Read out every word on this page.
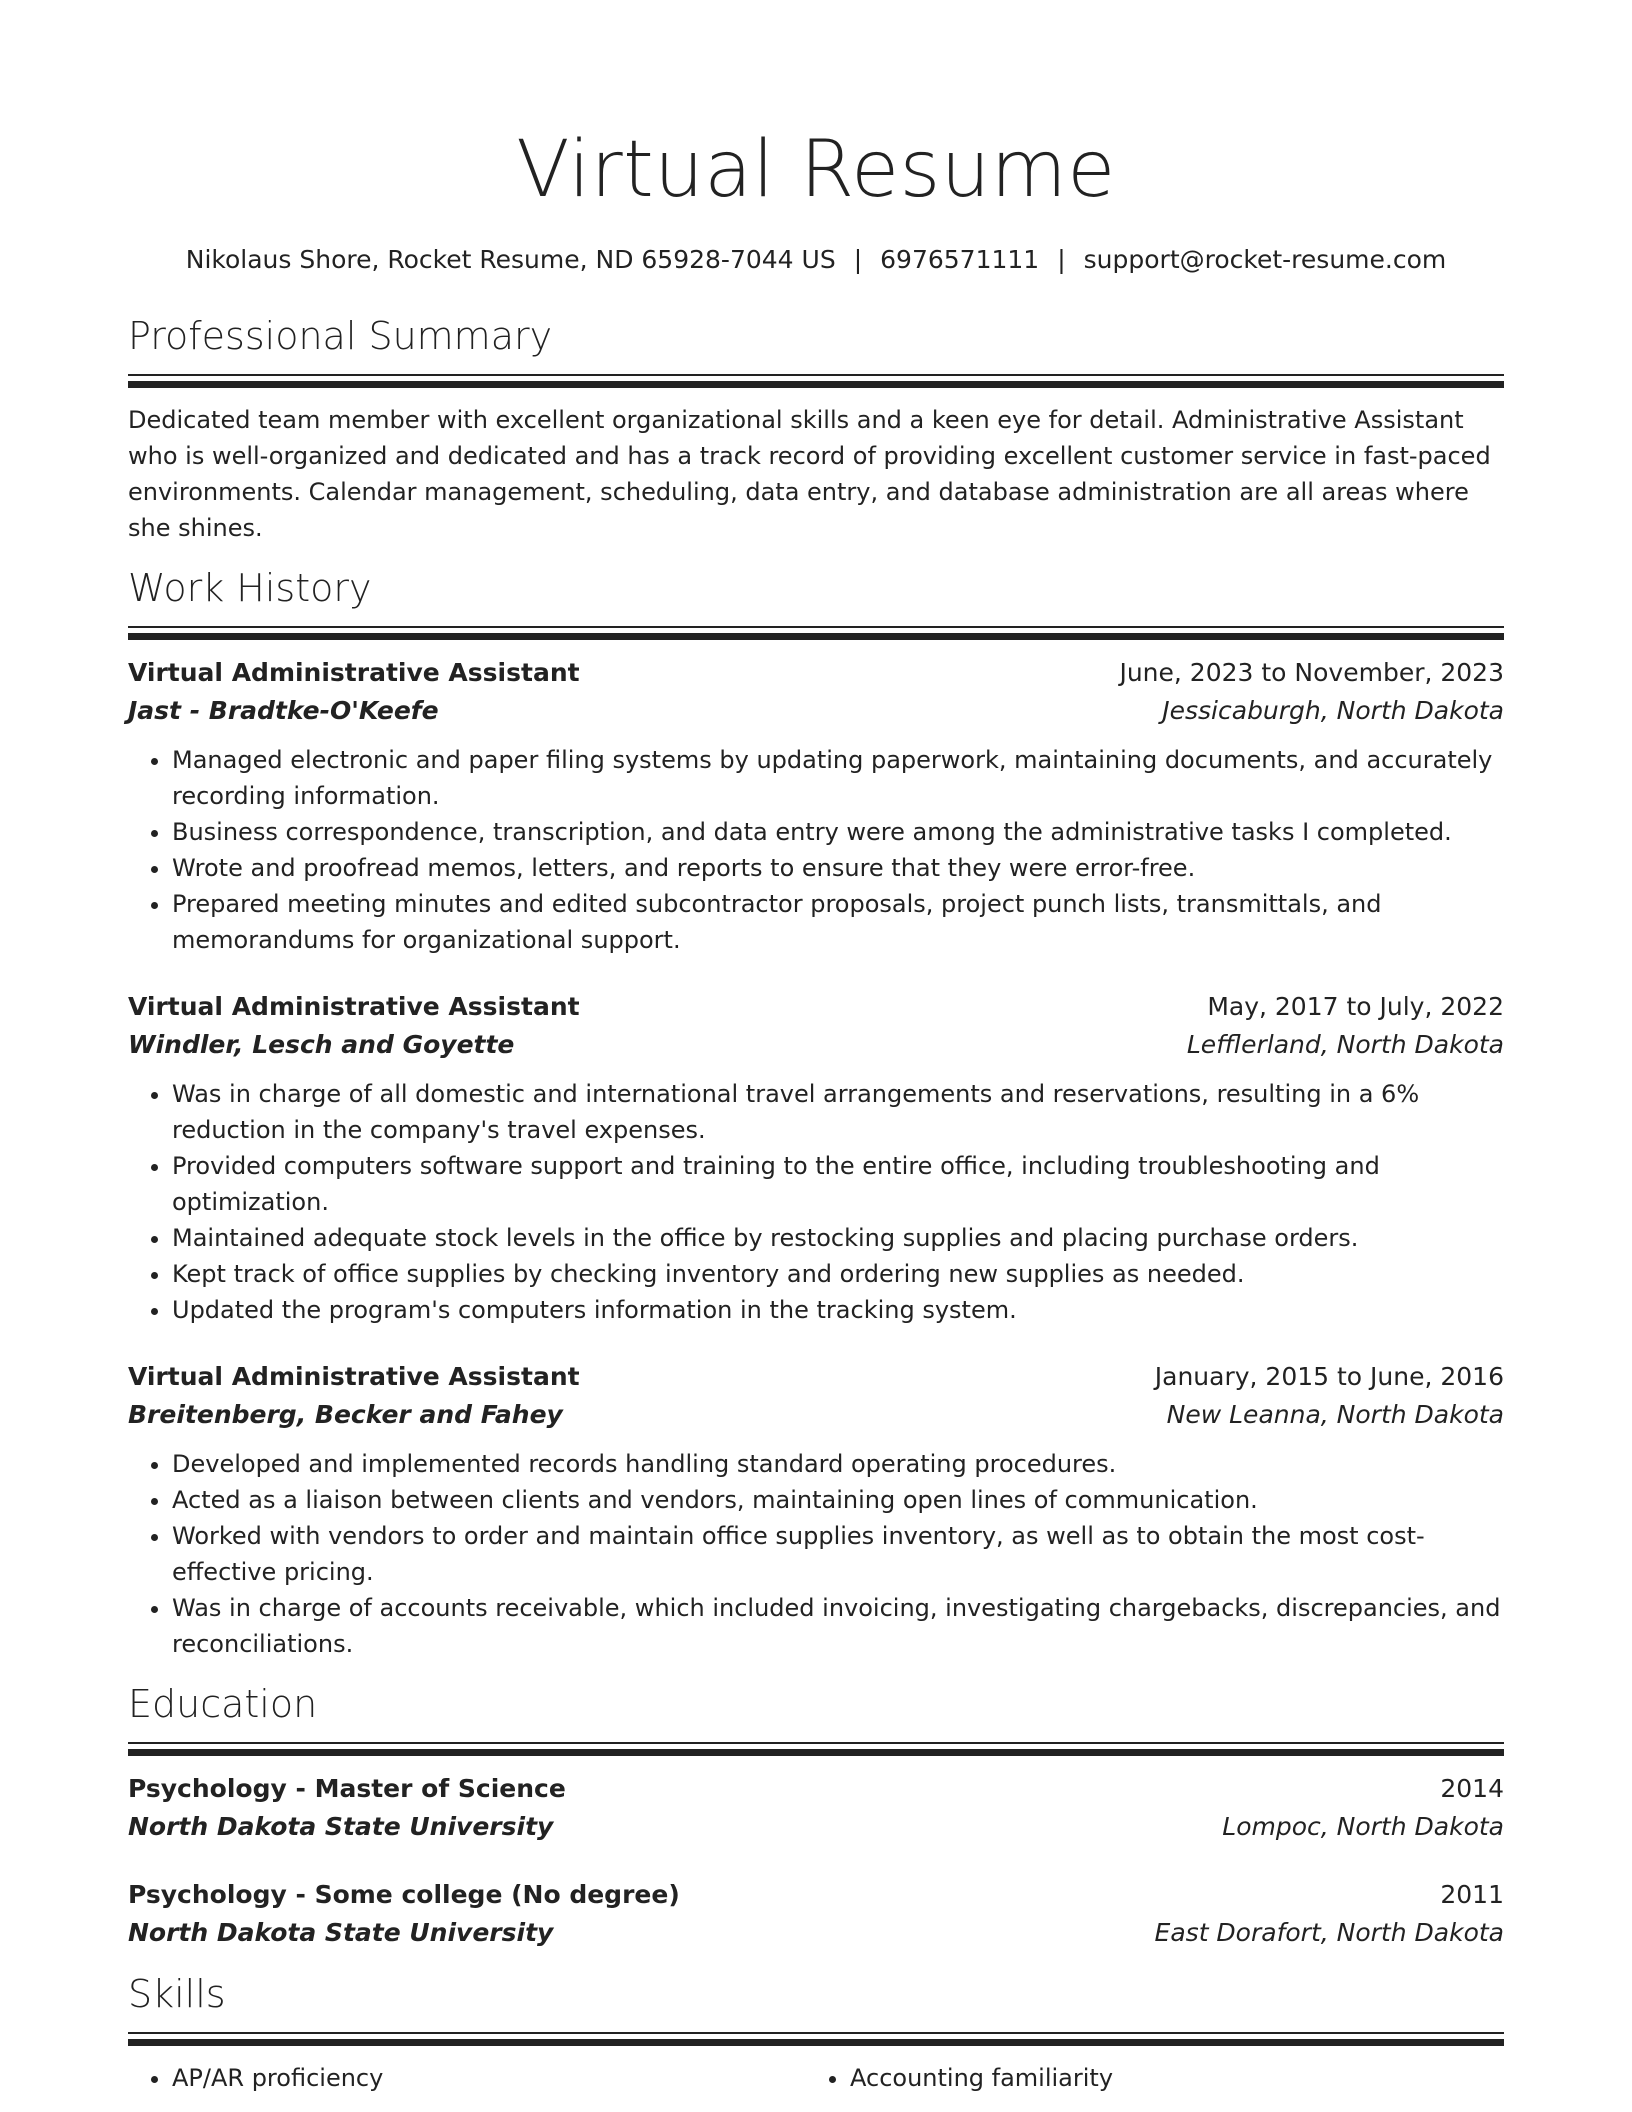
Virtual Resume
Nikolaus Shore, Rocket Resume, ND 65928-7044 US | 6976571111 | support@rocket-resume.com
Professional Summary
Dedicated team member with excellent organizational skills and a keen eye for detail. Administrative Assistant who is well-organized and dedicated and has a track record of providing excellent customer service in fast-paced environments. Calendar management, scheduling, data entry, and database administration are all areas where she shines.
Work History
Virtual Administrative Assistant	June, 2023 to November, 2023
Jast - Bradtke-O'Keefe	Jessicaburgh, North Dakota
• Managed electronic and paper filing systems by updating paperwork, maintaining documents, and accurately recording information.
• Business correspondence, transcription, and data entry were among the administrative tasks I completed.
• Wrote and proofread memos, letters, and reports to ensure that they were error-free.
• Prepared meeting minutes and edited subcontractor proposals, project punch lists, transmittals, and memorandums for organizational support.
Virtual Administrative Assistant	May, 2017 to July, 2022
Windler, Lesch and Goyette	Lefflerland, North Dakota
• Was in charge of all domestic and international travel arrangements and reservations, resulting in a 6% reduction in the company's travel expenses.
• Provided computers software support and training to the entire office, including troubleshooting and optimization.
• Maintained adequate stock levels in the office by restocking supplies and placing purchase orders.
• Kept track of office supplies by checking inventory and ordering new supplies as needed.
• Updated the program's computers information in the tracking system.
Virtual Administrative Assistant	January, 2015 to June, 2016
Breitenberg, Becker and Fahey	New Leanna, North Dakota
• Developed and implemented records handling standard operating procedures.
• Acted as a liaison between clients and vendors, maintaining open lines of communication.
• Worked with vendors to order and maintain office supplies inventory, as well as to obtain the most cost-effective pricing.
• Was in charge of accounts receivable, which included invoicing, investigating chargebacks, discrepancies, and reconciliations.
Education
Psychology - Master of Science	2014
North Dakota State University	Lompoc, North Dakota
Psychology - Some college (No degree)	2011
North Dakota State University	East Dorafort, North Dakota
Skills
• AP/AR proficiency
•	Accounting familiarity
